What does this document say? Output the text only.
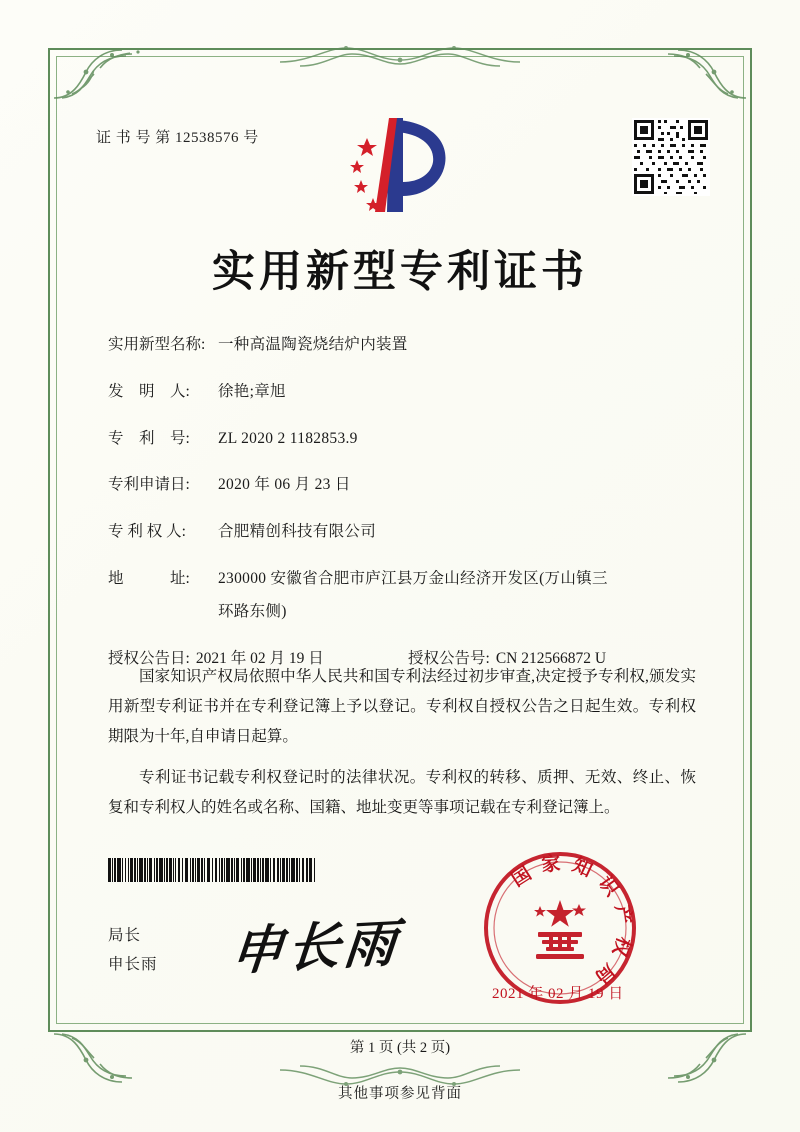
证 书 号 第 12538576 号
实用新型专利证书
实用新型名称: 一种高温陶瓷烧结炉内装置
发　明　人:	徐艳;章旭
专　利　号:	ZL 2020 2 1182853.9
专利申请日:	2020 年 06 月 23 日
专 利 权 人:	合肥精创科技有限公司
地　　　址:	230000 安徽省合肥市庐江县万金山经济开发区(万山镇三
环路东侧)
授权公告日: 2021 年 02 月 19 日	授权公告号: CN 212566872 U

国家知识产权局依照中华人民共和国专利法经过初步审查,决定授予专利权,颁发实用新型专利证书并在专利登记簿上予以登记。专利权自授权公告之日起生效。专利权期限为十年,自申请日起算。

专利证书记载专利权登记时的法律状况。专利权的转移、质押、无效、终止、恢复和专利权人的姓名或名称、国籍、地址变更等事项记载在专利登记簿上。

局长
申长雨 申长雨
国家知识产权局
2021 年 02 月 19 日
第 1 页 (共 2 页)
其他事项参见背面
